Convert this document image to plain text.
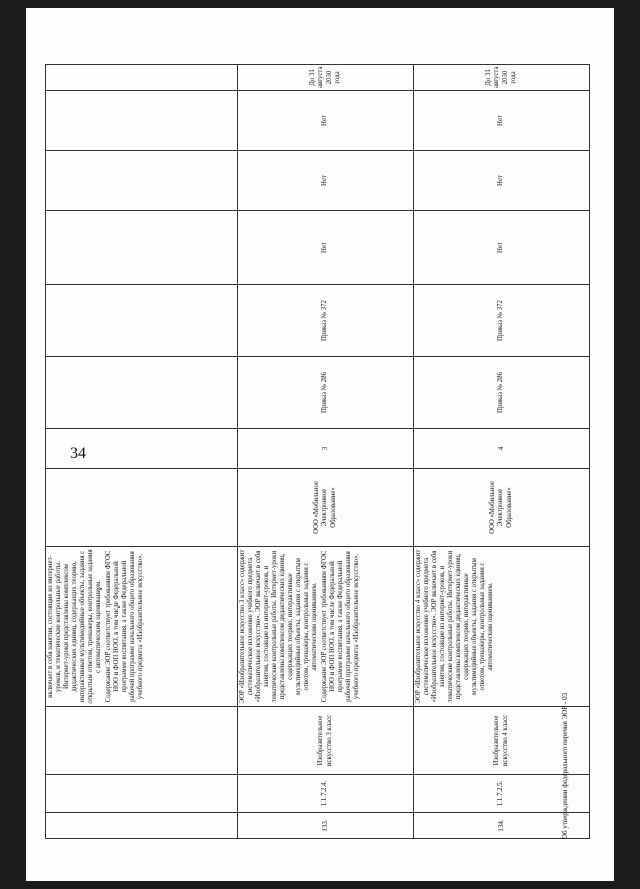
34

			включает в себя занятия, состоящие из интернет-уроков, и тематические контрольные работы. Интернет-уроки представлены комплексом дидактических единиц, содержащих теорию, интерактивные мультимедийные объекты, задания с открытым ответом, тренажеры, контрольные задания с автоматическим оцениванием. Содержание ЭОР соответствует требованиям ФГОС НОО и ФОП НОО, в том числе Федеральной программе воспитания, а также Федеральной рабочей программе начального общего образования учебного предмета «Изобразительное искусство».								

133.	1.1.7.2.4.	Изобразительное искусство 3 класс	ЭОР «Изобразительное искусство 3 класс» содержит систематическое изложение учебного предмета «Изобразительное искусство». ЭОР включает в себя занятия, состоящие из интернет-уроков, и тематические контрольные работы. Интернет-уроки представлены комплексом дидактических единиц, содержащих теорию, интерактивные мультимедийные объекты, задания с открытым ответом, тренажеры, контрольные задания с автоматическим оцениванием. Содержание ЭОР соответствует требованиям ФГОС НОО и ФОП НОО, в том числе Федеральной программе воспитания, а также Федеральной рабочей программе начального общего образования учебного предмета «Изобразительное искусство».	ООО «Мобильное Электронное Образование»	3	Приказ № 286	Приказ № 372	Нет	Нет	Нет	До 31 августа 2030 года
134.	1.1.7.2.5.	Изобразительное искусство 4 класс	ЭОР «Изобразительное искусство 4 класс» содержит систематическое изложение учебного предмета «Изобразительное искусство». ЭОР включает в себя занятия, состоящие из интернет-уроков, и тематические контрольные работы. Интернет-уроки представлены комплексом дидактических единиц, содержащих теорию, интерактивные мультимедийные объекты, задания с открытым ответом, тренажеры, контрольные задания с автоматическим оцениванием.	ООО «Мобильное Электронное Образование»	4	Приказ № 286	Приказ № 372	Нет	Нет	Нет	До 31 августа 2030 года
Об утверждении федерального перечня ЭОР - 03
